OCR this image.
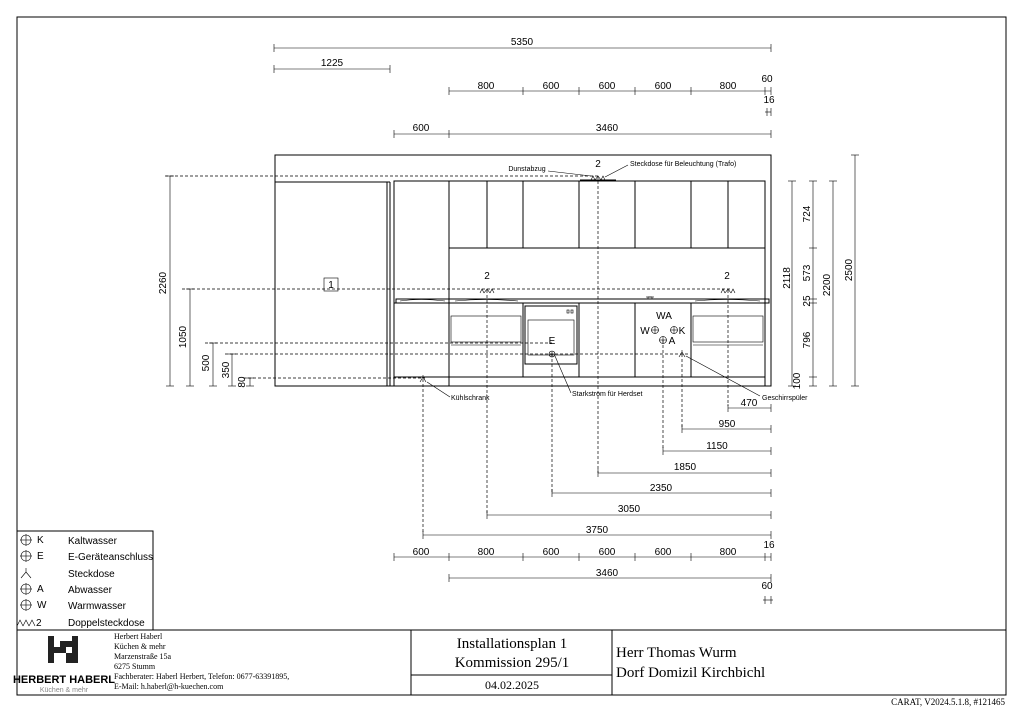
5350
1225
800	600	600	600	800
60
16
600	3460
2260
1050
500 350
80
724
573
25
796
100
2118	2200
2500
1
2	2
2
Dunstabzug
Steckdose für Beleuchtung (Trafo)
WA
W	K
A
E
Kühlschrank
Starkstrom für Herdset
Geschirrspüler
470
950
1150
1850
2350
3050
3750
600	800	600	600	600	800
16
3460
60
K Kaltwasser
E E-Geräteanschluss
Steckdose
A Abwasser
W Warmwasser
2	Doppelsteckdose
HERBERT HABERL
Küchen & mehr
Herbert Haberl
Küchen & mehr
Marzenstraße 15a
6275 Stumm
Fachberater: Haberl Herbert, Telefon: 0677-63391895,
E-Mail: h.haberl@h-kuechen.com
Installationsplan 1
Kommission 295/1
04.02.2025
Herr Thomas Wurm
Dorf Domizil Kirchbichl
CARAT, V2024.5.1.8, #121465
